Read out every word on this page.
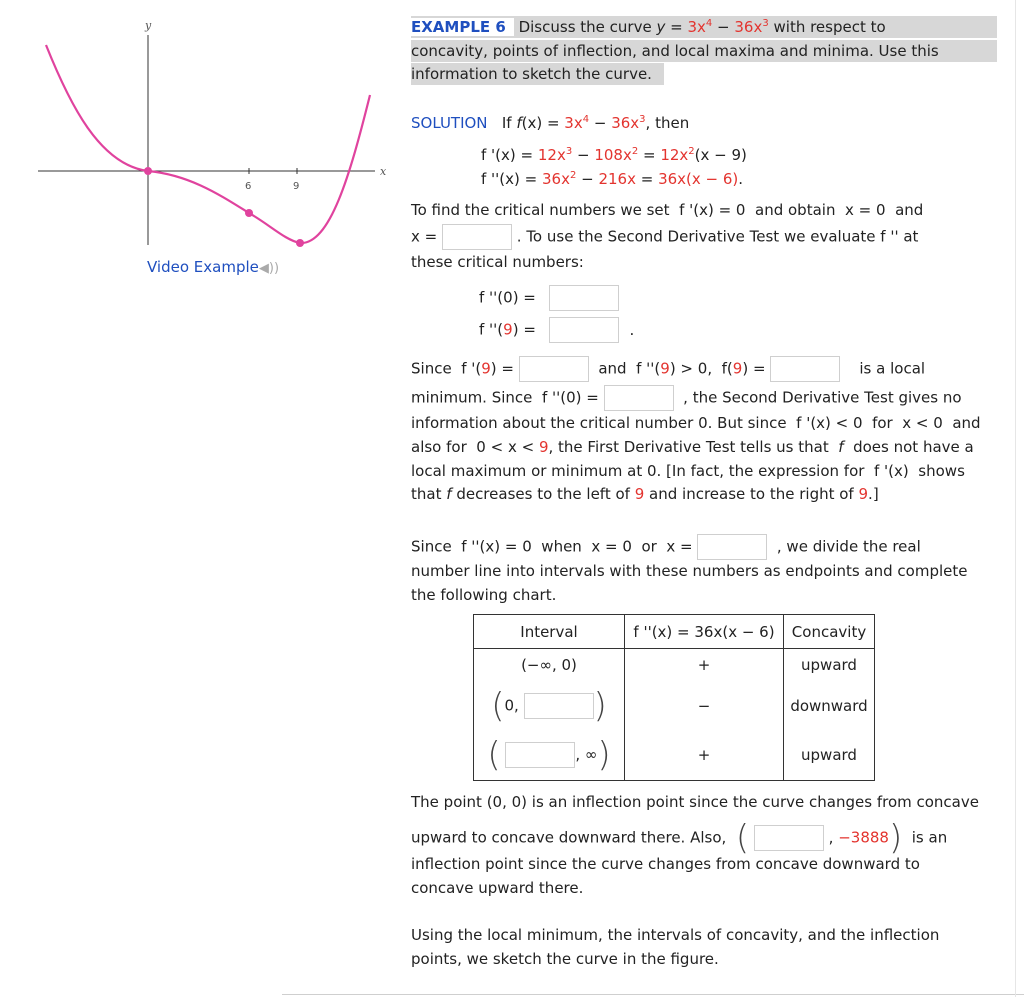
y
x
6	9
Video Example◀))
EXAMPLE 6 Discuss the curve $y = 3x^4 - 36x^3$ with respect to
concavity, points of inflection, and local maxima and minima. Use this
information to sketch the curve.
SOLUTION If $f(x) = 3x^4 - 36x^3$, then
f '$(x) = 12x^3 - 108x^2 = 12x^2(x - 9)$
f ''$(x) = 36x^2 - 216x = 36x(x - 6)$.
To find the critical numbers we set f '(x) = 0 and obtain x = 0 and
x =	. To use the Second Derivative Test we evaluate f '' at
these critical numbers:
f ''(0) =
f ''(9) =	.
Since f '(9) =	and f ''(9) > 0, f(9) =	is a local
minimum. Since f ''(0) =	, the Second Derivative Test gives no
information about the critical number 0. But since f '(x) < 0 for x < 0 and
also for 0 < x < 9, the First Derivative Test tells us that f does not have a
local maximum or minimum at 0. [In fact, the expression for f '(x) shows
that f decreases to the left of 9 and increase to the right of 9.]
Since f ''(x) = 0 when x = 0 or x =	, we divide the real
number line into intervals with these numbers as endpoints and complete
the following chart.
Interval	f ''(x) = 36x(x − 6)	Concavity
(−∞, 0)	+	upward
(0, )	−	downward
( , ∞)	+	upward
The point (0, 0) is an inflection point since the curve changes from concave
upward to concave downward there. Also, (	, −3888) is an
inflection point since the curve changes from concave downward to
concave upward there.
Using the local minimum, the intervals of concavity, and the inflection
points, we sketch the curve in the figure.
